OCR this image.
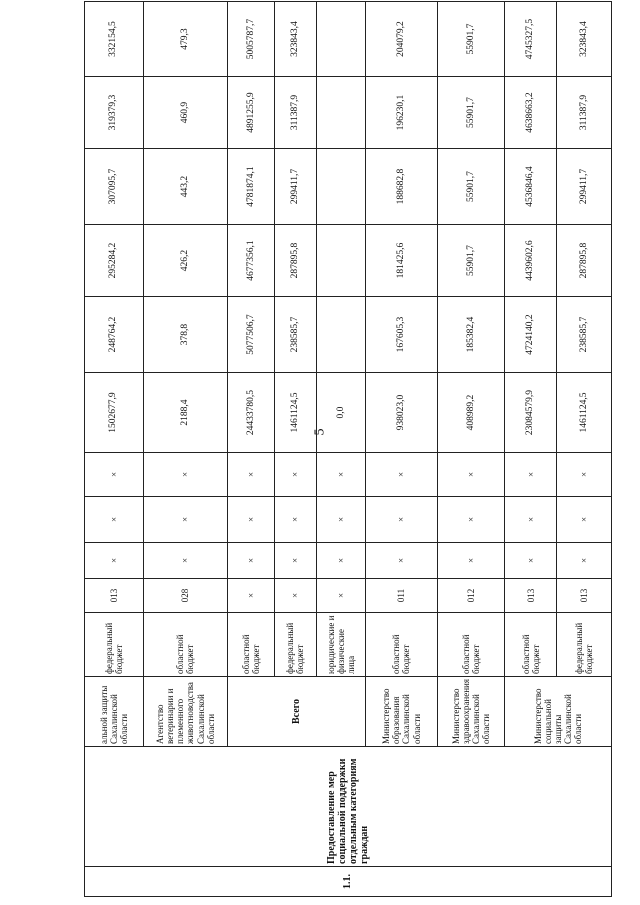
5
1.1.	Предоставление мер социальной поддержки отдельным категориям граждан	альной защиты Сахалинской области	федеральный бюджет	013	×	×	×	1502677,9	248764,2	295284,2	307095,7	319379,3	332154,5
		Агентство ветеринарии и племенного животноводства Сахалинской области	областной бюджет	028	×	×	×	2188,4	378,8	426,2	443,2	460,9	479,3
		Всего	областной бюджет	×	×	×	×	24433780,5	5077506,7	4677356,1	4781874,1	4891255,9	5005787,7
			федеральный бюджет	×	×	×	×	1461124,5	238585,7	287895,8	299411,7	311387,9	323843,4
			юридические и физические лица	×	×	×	×	0,0					
		Министерство образования Сахалинской области	областной бюджет	011	×	×	×	938023,0	167605,3	181425,6	188682,8	196230,1	204079,2
		Министерство здравоохранения Сахалинской области	областной бюджет	012	×	×	×	408989,2	185382,4	55901,7	55901,7	55901,7	55901,7
		Министерство социальной защиты Сахалинской области	областной бюджет	013	×	×	×	23084579,9	4724140,2	4439602,6	4536846,4	4638663,2	4745327,5
			федеральный бюджет	013	×	×	×	1461124,5	238585,7	287895,8	299411,7	311387,9	323843,4
